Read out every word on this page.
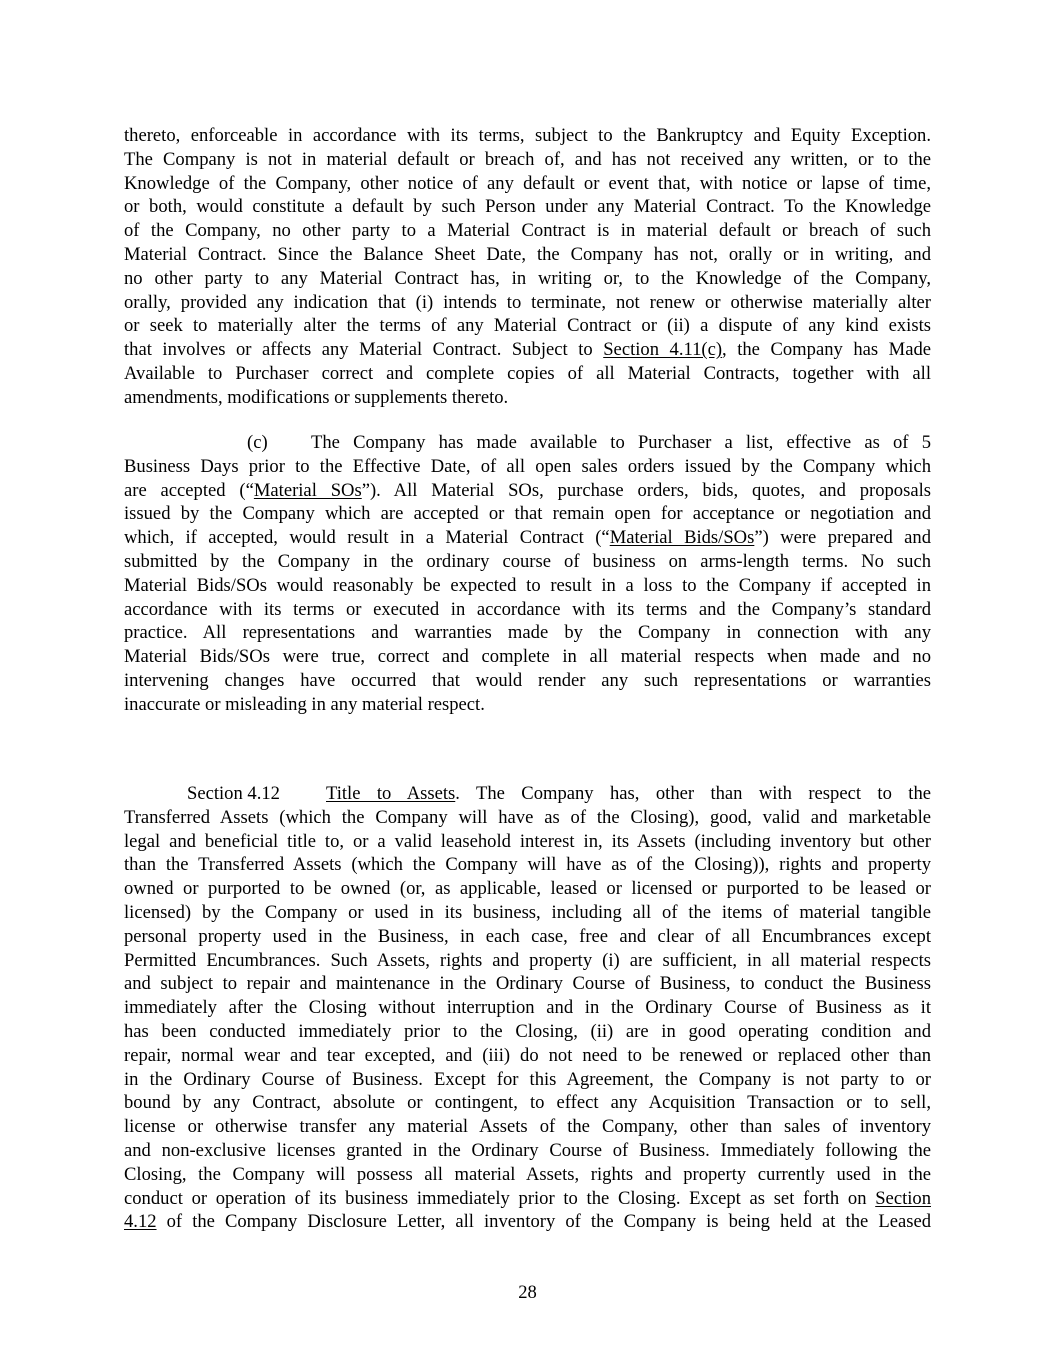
thereto, enforceable in accordance with its terms, subject to the Bankruptcy and Equity Exception.
The Company is not in material default or breach of, and has not received any written, or to the
Knowledge of the Company, other notice of any default or event that, with notice or lapse of time,
or both, would constitute a default by such Person under any Material Contract. To the Knowledge
of the Company, no other party to a Material Contract is in material default or breach of such
Material Contract. Since the Balance Sheet Date, the Company has not, orally or in writing, and
no other party to any Material Contract has, in writing or, to the Knowledge of the Company,
orally, provided any indication that (i) intends to terminate, not renew or otherwise materially alter
or seek to materially alter the terms of any Material Contract or (ii) a dispute of any kind exists
that involves or affects any Material Contract. Subject to Section 4.11(c), the Company has Made
Available to Purchaser correct and complete copies of all Material Contracts, together with all
amendments, modifications or supplements thereto.
(c) The Company has made available to Purchaser a list, effective as of 5
Business Days prior to the Effective Date, of all open sales orders issued by the Company which
are accepted (“Material SOs”). All Material SOs, purchase orders, bids, quotes, and proposals
issued by the Company which are accepted or that remain open for acceptance or negotiation and
which, if accepted, would result in a Material Contract (“Material Bids/SOs”) were prepared and
submitted by the Company in the ordinary course of business on arms-length terms. No such
Material Bids/SOs would reasonably be expected to result in a loss to the Company if accepted in
accordance with its terms or executed in accordance with its terms and the Company’s standard
practice. All representations and warranties made by the Company in connection with any
Material Bids/SOs were true, correct and complete in all material respects when made and no
intervening changes have occurred that would render any such representations or warranties
inaccurate or misleading in any material respect.
Section 4.12 Title to Assets. The Company has, other than with respect to the
Transferred Assets (which the Company will have as of the Closing), good, valid and marketable
legal and beneficial title to, or a valid leasehold interest in, its Assets (including inventory but other
than the Transferred Assets (which the Company will have as of the Closing)), rights and property
owned or purported to be owned (or, as applicable, leased or licensed or purported to be leased or
licensed) by the Company or used in its business, including all of the items of material tangible
personal property used in the Business, in each case, free and clear of all Encumbrances except
Permitted Encumbrances. Such Assets, rights and property (i) are sufficient, in all material respects
and subject to repair and maintenance in the Ordinary Course of Business, to conduct the Business
immediately after the Closing without interruption and in the Ordinary Course of Business as it
has been conducted immediately prior to the Closing, (ii) are in good operating condition and
repair, normal wear and tear excepted, and (iii) do not need to be renewed or replaced other than
in the Ordinary Course of Business. Except for this Agreement, the Company is not party to or
bound by any Contract, absolute or contingent, to effect any Acquisition Transaction or to sell,
license or otherwise transfer any material Assets of the Company, other than sales of inventory
and non-exclusive licenses granted in the Ordinary Course of Business. Immediately following the
Closing, the Company will possess all material Assets, rights and property currently used in the
conduct or operation of its business immediately prior to the Closing. Except as set forth on Section
4.12 of the Company Disclosure Letter, all inventory of the Company is being held at the Leased
28
